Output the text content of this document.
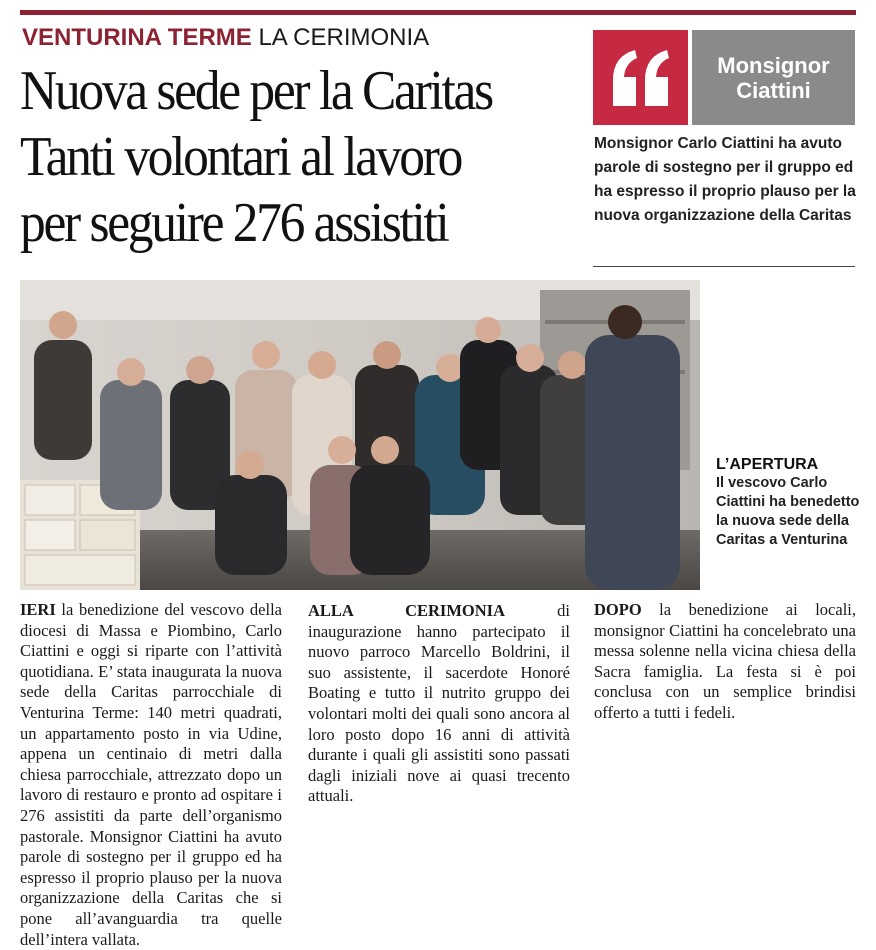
VENTURINA TERME LA CERIMONIA
Nuova sede per la Caritas
Tanti volontari al lavoro
per seguire 276 assistiti
Monsignor Ciattini
Monsignor Carlo Ciattini ha avuto parole di sostegno per il gruppo ed ha espresso il proprio plauso per la nuova organizzazione della Caritas
L’APERTURA
Il vescovo Carlo Ciattini ha benedetto la nuova sede della Caritas a Venturina

IERI la benedizione del vescovo della diocesi di Massa e Piombino, Carlo Ciattini e oggi si riparte con l’attività quotidiana. E’ stata inaugurata la nuova sede della Caritas parrocchiale di Venturina Terme: 140 metri quadrati, un appartamento posto in via Udine, appena un centinaio di metri dalla chiesa parrocchiale, attrezzato dopo un lavoro di restauro e pronto ad ospitare i 276 assistiti da parte dell’organismo pastorale. Monsignor Ciattini ha avuto parole di sostegno per il gruppo ed ha espresso il proprio plauso per la nuova organizzazione della Caritas che si pone all’avanguardia tra quelle dell’intera vallata.

ALLA CERIMONIA di inaugurazione hanno partecipato il nuovo parroco Marcello Boldrini, il suo assistente, il sacerdote Honoré Boating e tutto il nutrito gruppo dei volontari molti dei quali sono ancora al loro posto dopo 16 anni di attività durante i quali gli assistiti sono passati dagli iniziali nove ai quasi trecento attuali.

DOPO la benedizione ai locali, monsignor Ciattini ha concelebrato una messa solenne nella vicina chiesa della Sacra famiglia. La festa si è poi conclusa con un semplice brindisi offerto a tutti i fedeli.
